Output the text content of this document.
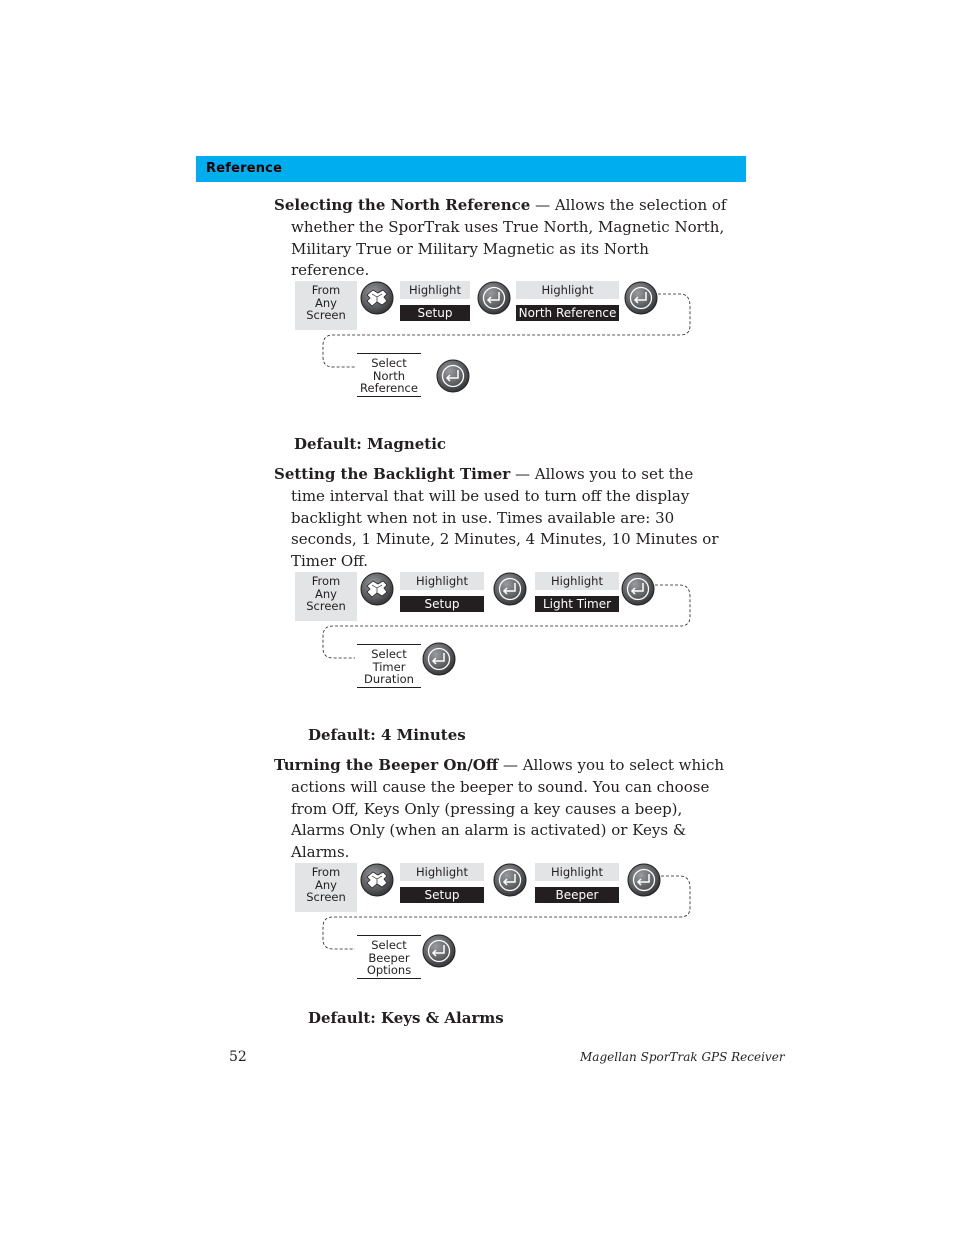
Reference

Selecting the North Reference — Allows the selection of whether the SporTrak uses True North, Magnetic North, Military True or Military Magnetic as its North reference.

From
Any
Screen
Highlight
Setup
Highlight
North Reference
Select
North
Reference
Default: Magnetic

Setting the Backlight Timer — Allows you to set the time interval that will be used to turn off the display backlight when not in use. Times available are: 30 seconds, 1 Minute, 2 Minutes, 4 Minutes, 10 Minutes or Timer Off.

From
Any
Screen
Highlight
Setup
Highlight
Light Timer
Select
Timer
Duration
Default: 4 Minutes

Turning the Beeper On/Off — Allows you to select which actions will cause the beeper to sound. You can choose from Off, Keys Only (pressing a key causes a beep), Alarms Only (when an alarm is activated) or Keys & Alarms.

From
Any
Screen
Highlight
Setup
Highlight
Beeper
Select
Beeper
Options
Default: Keys & Alarms
52	Magellan SporTrak GPS Receiver
